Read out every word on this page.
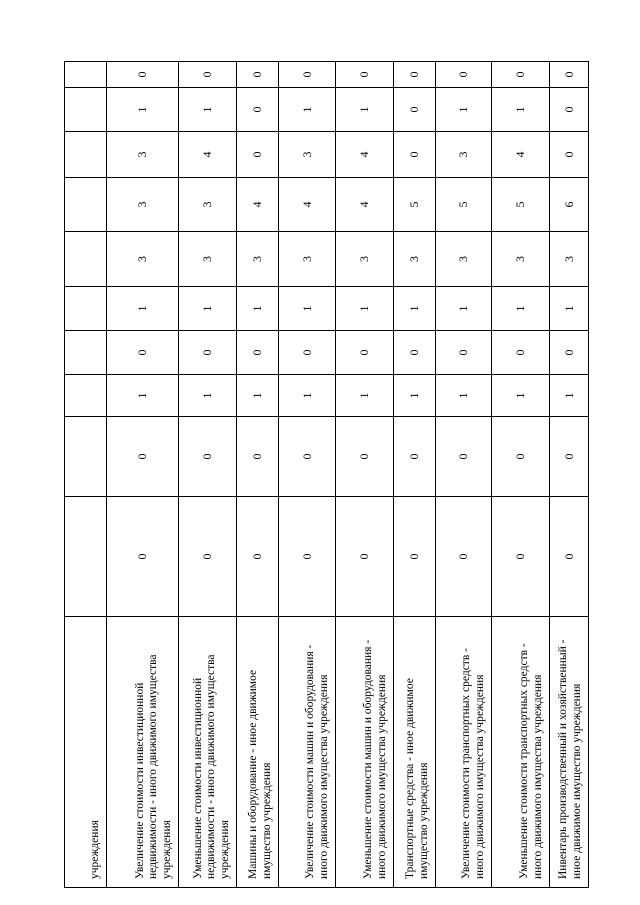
учреждения										
Увеличение стоимости инвестиционной недвижимости - иного движимого имущества учреждения	0	0	1	0	1	3	3	3	1	0
Уменьшение стоимости инвестиционной недвижимости - иного движимого имущества учреждения	0	0	1	0	1	3	3	4	1	0
Машины и оборудование - иное движимое имущество учреждения	0	0	1	0	1	3	4	0	0	0
Увеличение стоимости машин и оборудования - иного движимого имущества учреждения	0	0	1	0	1	3	4	3	1	0
Уменьшение стоимости машин и оборудования - иного движимого имущества учреждения	0	0	1	0	1	3	4	4	1	0
Транспортные средства - иное движимое имущество учреждения	0	0	1	0	1	3	5	0	0	0
Увеличение стоимости транспортных средств - иного движимого имущества учреждения	0	0	1	0	1	3	5	3	1	0
Уменьшение стоимости транспортных средств - иного движимого имущества учреждения	0	0	1	0	1	3	5	4	1	0
Инвентарь производственный и хозяйственный - иное движимое имущество учреждения	0	0	1	0	1	3	6	0	0	0
